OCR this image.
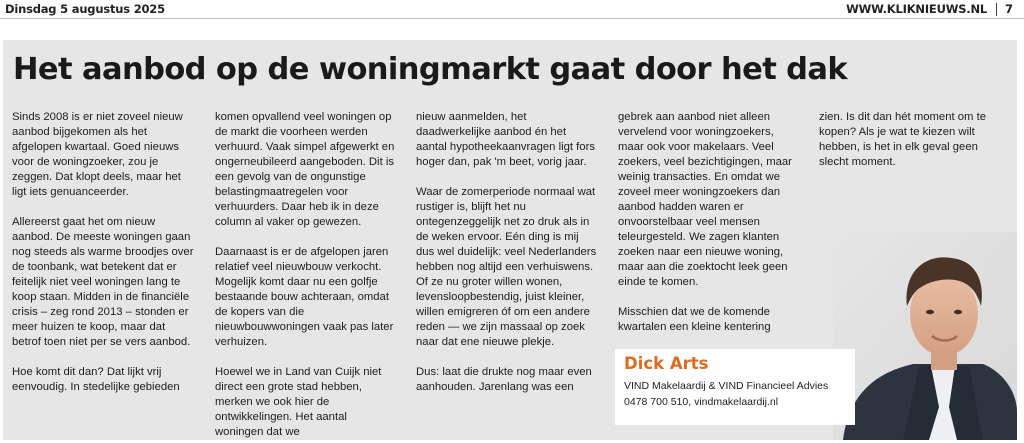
Dinsdag 5 augustus 2025	WWW.KLIKNIEUWS.NL 7
Het aanbod op de woningmarkt gaat door het dak

Sinds 2008 is er niet zoveel nieuw aanbod bijgekomen als het afgelopen kwartaal. Goed nieuws voor de woningzoeker, zou je zeggen. Dat klopt deels, maar het ligt iets genuanceerder.

Allereerst gaat het om nieuw aanbod. De meeste woningen gaan nog steeds als warme broodjes over de toonbank, wat betekent dat er feitelijk niet veel woningen lang te koop staan. Midden in de financiële crisis – zeg rond 2013 – stonden er meer huizen te koop, maar dat betrof toen niet per se vers aanbod.

Hoe komt dit dan? Dat lijkt vrij eenvoudig. In stedelijke gebieden

komen opvallend veel woningen op de markt die voorheen werden verhuurd. Vaak simpel afgewerkt en ongerneubileerd aangeboden. Dit is een gevolg van de ongunstige belastingmaatregelen voor verhuurders. Daar heb ik in deze column al vaker op gewezen.

Daarnaast is er de afgelopen jaren relatief veel nieuwbouw verkocht. Mogelijk komt daar nu een golfje bestaande bouw achteraan, omdat de kopers van die nieuwbouwwoningen vaak pas later verhuizen.

Hoewel we in Land van Cuijk niet direct een grote stad hebben, merken we ook hier de ontwikkelingen. Het aantal woningen dat we

nieuw aanmelden, het daadwerkelijke aanbod én het aantal hypotheekaanvragen ligt fors hoger dan, pak 'm beet, vorig jaar.

Waar de zomerperiode normaal wat rustiger is, blijft het nu ontegenzeggelijk net zo druk als in de weken ervoor. Eén ding is mij dus wel duidelijk: veel Nederlanders hebben nog altijd een verhuiswens. Of ze nu groter willen wonen, levensloopbestendig, juist kleiner, willen emigreren óf om een andere reden — we zijn massaal op zoek naar dat ene nieuwe plekje.

Dus: laat die drukte nog maar even aanhouden. Jarenlang was een

gebrek aan aanbod niet alleen vervelend voor woningzoekers, maar ook voor makelaars. Veel zoekers, veel bezichtigingen, maar weinig transacties. En omdat we zoveel meer woningzoekers dan aanbod hadden waren er onvoorstelbaar veel mensen teleurgesteld. We zagen klanten zoeken naar een nieuwe woning, maar aan die zoektocht leek geen einde te komen.

Misschien dat we de komende kwartalen een kleine kentering

zien. Is dit dan hét moment om te kopen? Als je wat te kiezen wilt hebben, is het in elk geval geen slecht moment.

Dick Arts
VIND Makelaardij & VIND Financieel Advies
0478 700 510, vindmakelaardij.nl
